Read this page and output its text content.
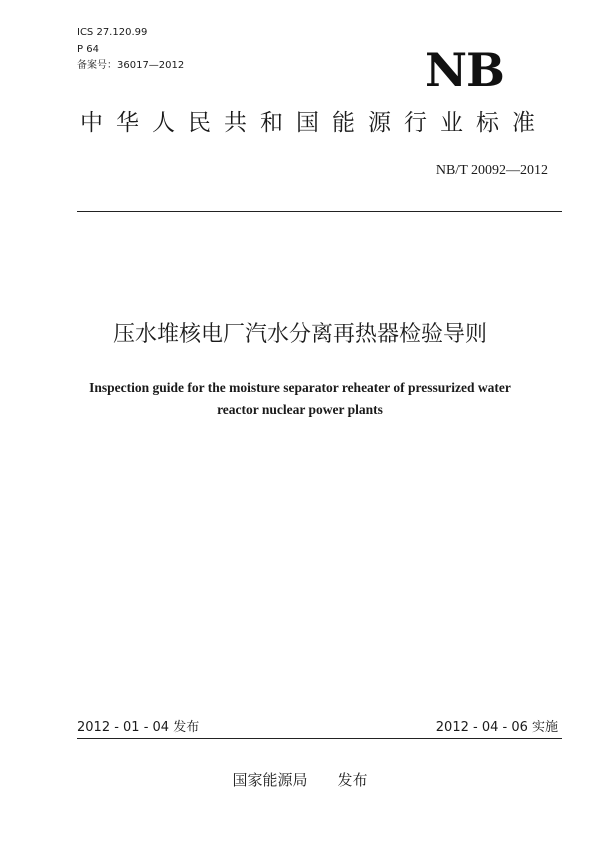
ICS 27.120.99
P 64
备案号：36017—2012	NB
中华人民共和国能源行业标准
NB/T 20092—2012
压水堆核电厂汽水分离再热器检验导则
Inspection guide for the moisture separator reheater of pressurized water
reactor nuclear power plants
2012 - 01 - 04 发布	2012 - 04 - 06 实施
国家能源局 发布
